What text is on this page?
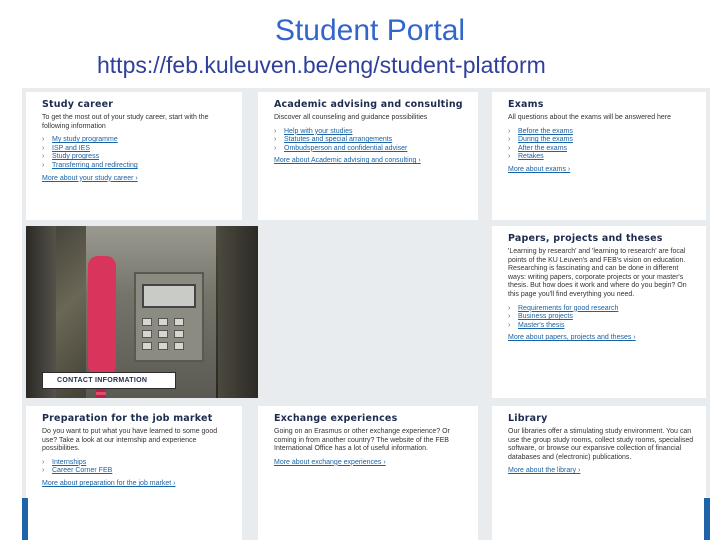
Student Portal
https://feb.kuleuven.be/eng/student-platform
Study career

To get the most out of your study career, start with the following information

› My study programme
› ISP and IES
› Study progress
› Transferring and redirecting
More about your study career ›
Academic advising and consulting

Discover all counseling and guidance possibilities

› Help with your studies
› Statutes and special arrangements
› Ombudsperson and confidential adviser
More about Academic advising and consulting ›
Exams

All questions about the exams will be answered here

› Before the exams
› During the exams
› After the exams
› Retakes
More about exams ›
CONTACT INFORMATION
Papers, projects and theses

'Learning by research' and 'learning to research' are focal points of the KU Leuven's and FEB's vision on education. Researching is fascinating and can be done in different ways: writing papers, corporate projects or your master's thesis. But how does it work and where do you begin? On this page you'll find everything you need.

› Requirements for good research
› Business projects
› Master's thesis
More about papers, projects and theses ›
Preparation for the job market

Do you want to put what you have learned to some good use? Take a look at our internship and experience possibilities.

› Internships
› Career Corner FEB
More about preparation for the job market ›
Exchange experiences

Going on an Erasmus or other exchange experience? Or coming in from another country? The website of the FEB International Office has a lot of useful information.

More about exchange experiences ›
Library

Our libraries offer a stimulating study environment. You can use the group study rooms, collect study rooms, specialised software, or browse our expansive collection of financial databases and (electronic) publications.

More about the library ›
